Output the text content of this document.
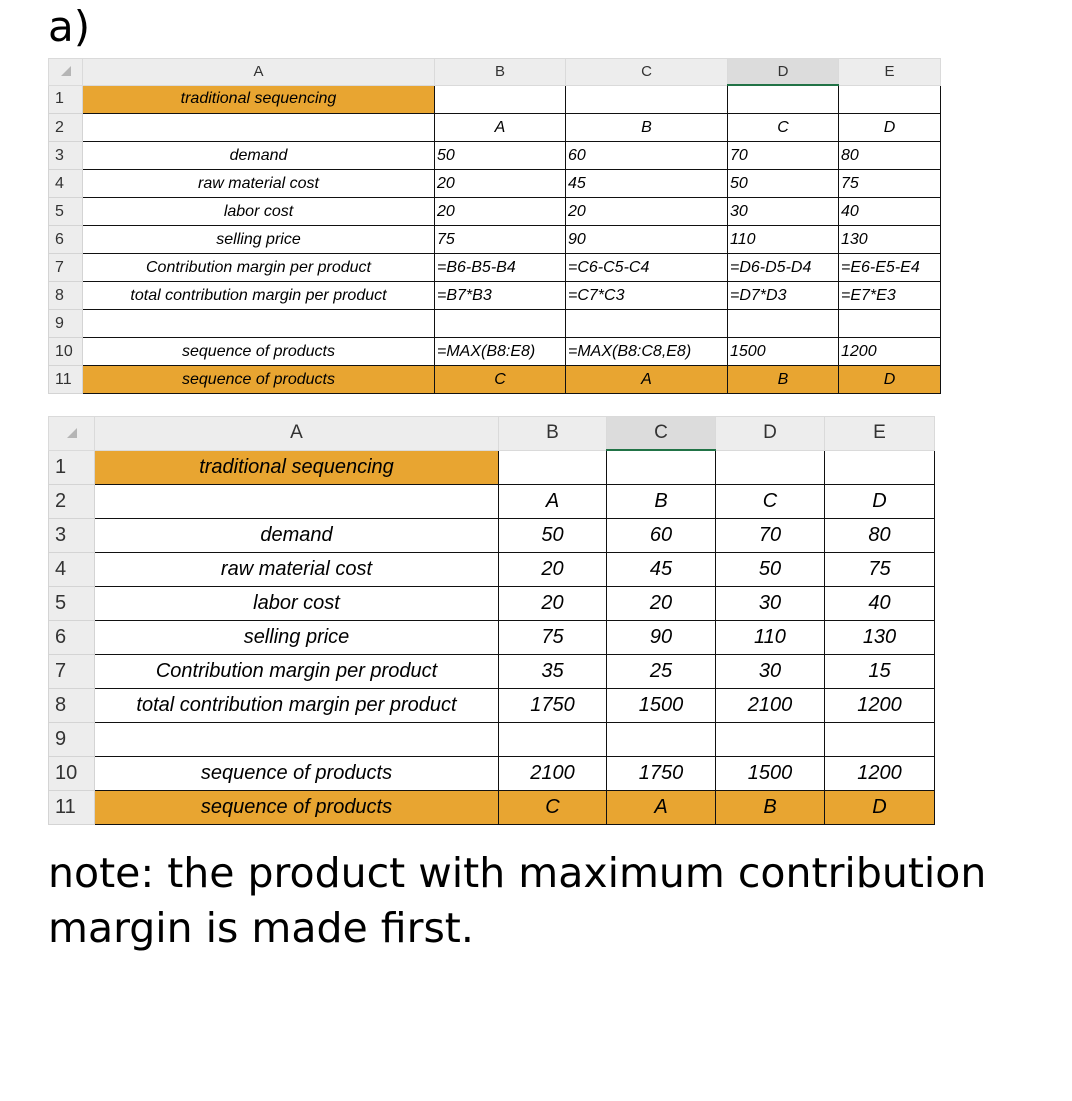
a)
	A	B	C	D	E
1	traditional sequencing				
2		A	B	C	D
3	demand	50	60	70	80
4	raw material cost	20	45	50	75
5	labor cost	20	20	30	40
6	selling price	75	90	110	130
7	Contribution margin per product	=B6-B5-B4	=C6-C5-C4	=D6-D5-D4	=E6-E5-E4
8	total contribution margin per product	=B7*B3	=C7*C3	=D7*D3	=E7*E3
9					
10	sequence of products	=MAX(B8:E8)	=MAX(B8:C8,E8)	1500	1200
11	sequence of products	C	A	B	D
	A	B	C	D	E
1	traditional sequencing				
2		A	B	C	D
3	demand	50	60	70	80
4	raw material cost	20	45	50	75
5	labor cost	20	20	30	40
6	selling price	75	90	110	130
7	Contribution margin per product	35	25	30	15
8	total contribution margin per product	1750	1500	2100	1200
9					
10	sequence of products	2100	1750	1500	1200
11	sequence of products	C	A	B	D
note: the product with maximum contribution margin is made first.
